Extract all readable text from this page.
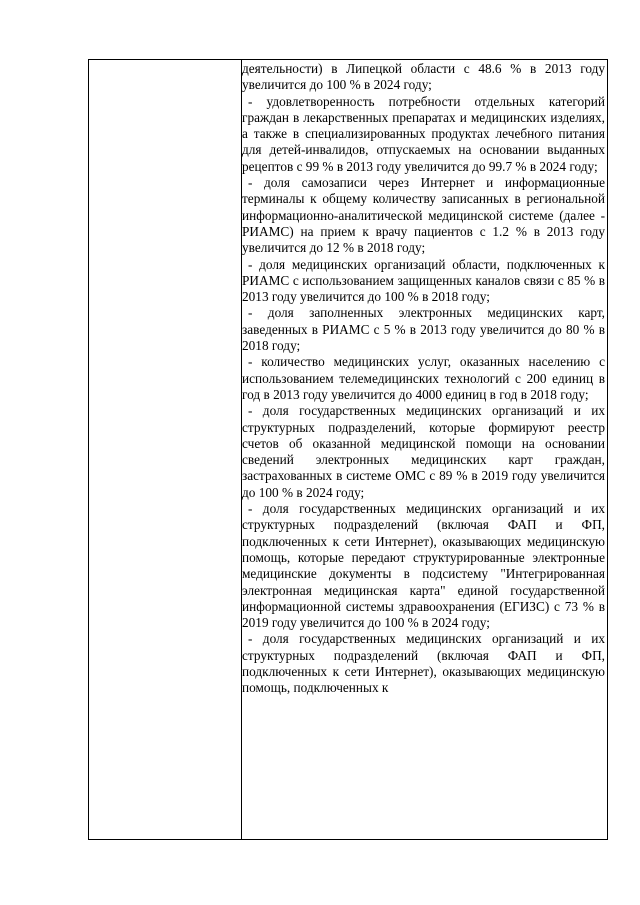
деятельности) в Липецкой области с 48.6 % в 2013 году увеличится до 100 % в 2024 году;

- удовлетворенность потребности отдельных категорий граждан в лекарственных препаратах и медицинских изделиях, а также в специализированных продуктах лечебного питания для детей-инвалидов, отпускаемых на основании выданных рецептов с 99 % в 2013 году увеличится до 99.7 % в 2024 году;

- доля самозаписи через Интернет и информационные терминалы к общему количеству записанных в региональной информационно-аналитической медицинской системе (далее - РИАМС) на прием к врачу пациентов с 1.2 % в 2013 году увеличится до 12 % в 2018 году;

- доля медицинских организаций области, подключенных к РИАМС с использованием защищенных каналов связи с 85 % в 2013 году увеличится до 100 % в 2018 году;

- доля заполненных электронных медицинских карт, заведенных в РИАМС с 5 % в 2013 году увеличится до 80 % в 2018 году;

- количество медицинских услуг, оказанных населению с использованием телемедицинских технологий с 200 единиц в год в 2013 году увеличится до 4000 единиц в год в 2018 году;

- доля государственных медицинских организаций и их структурных подразделений, которые формируют реестр счетов об оказанной медицинской помощи на основании сведений электронных медицинских карт граждан, застрахованных в системе ОМС с 89 % в 2019 году увеличится до 100 % в 2024 году;

- доля государственных медицинских организаций и их структурных подразделений (включая ФАП и ФП, подключенных к сети Интернет), оказывающих медицинскую помощь, которые передают структурированные электронные медицинские документы в подсистему "Интегрированная электронная медицинская карта" единой государственной информационной системы здравоохранения (ЕГИЗС) с 73 % в 2019 году увеличится до 100 % в 2024 году;

- доля государственных медицинских организаций и их структурных подразделений (включая ФАП и ФП, подключенных к сети Интернет), оказывающих медицинскую помощь, подключенных к
